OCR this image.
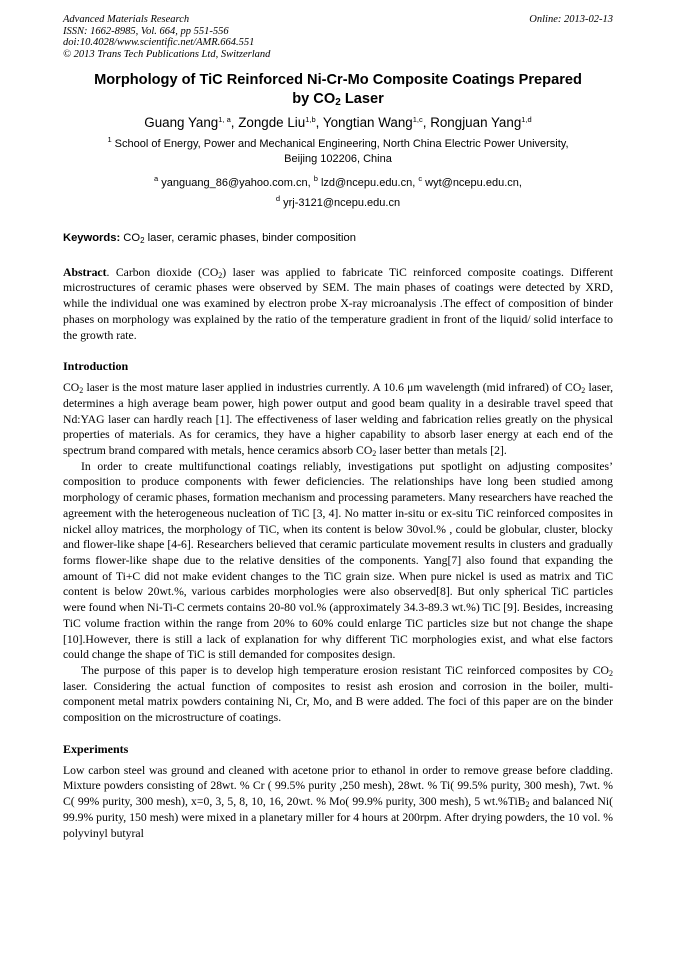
Advanced Materials Research	Online: 2013-02-13
ISSN: 1662-8985, Vol. 664, pp 551-556
doi:10.4028/www.scientific.net/AMR.664.551
© 2013 Trans Tech Publications Ltd, Switzerland
Morphology of TiC Reinforced Ni-Cr-Mo Composite Coatings Prepared
by $CO_2$ Laser
Guang Yang$^{1, a}$, Zongde Liu$^{1,b}$, Yongtian Wang$^{1,c}$, Rongjuan Yang$^{1,d}$
$^1$ School of Energy, Power and Mechanical Engineering, North China Electric Power University,
Beijing 102206, China
$^a$ yanguang_86@yahoo.com.cn, $^b$ lzd@ncepu.edu.cn, $^c$ wyt@ncepu.edu.cn,
$^d$ yrj-3121@ncepu.edu.cn
Keywords: $CO_2$ laser, ceramic phases, binder composition

Abstract. Carbon dioxide $(CO_2)$ laser was applied to fabricate TiC reinforced composite coatings. Different microstructures of ceramic phases were observed by SEM. The main phases of coatings were detected by XRD, while the individual one was examined by electron probe X-ray microanalysis .The effect of composition of binder phases on morphology was explained by the ratio of the temperature gradient in front of the liquid/ solid interface to the growth rate.

Introduction

$CO_2$ laser is the most mature laser applied in industries currently. A 10.6 μm wavelength (mid infrared) of $CO_2$ laser, determines a high average beam power, high power output and good beam quality in a desirable travel speed that Nd:YAG laser can hardly reach [1]. The effectiveness of laser welding and fabrication relies greatly on the physical properties of materials. As for ceramics, they have a higher capability to absorb laser energy at each end of the spectrum brand compared with metals, hence ceramics absorb $CO_2$ laser better than metals [2].

In order to create multifunctional coatings reliably, investigations put spotlight on adjusting composites’ composition to produce components with fewer deficiencies. The relationships have long been studied among morphology of ceramic phases, formation mechanism and processing parameters. Many researchers have reached the agreement with the heterogeneous nucleation of TiC [3, 4]. No matter in-situ or ex-situ TiC reinforced composites in nickel alloy matrices, the morphology of TiC, when its content is below 30vol.% , could be globular, cluster, blocky and flower-like shape [4-6]. Researchers believed that ceramic particulate movement results in clusters and gradually forms flower-like shape due to the relative densities of the components. Yang[7] also found that expanding the amount of Ti+C did not make evident changes to the TiC grain size. When pure nickel is used as matrix and TiC content is below 20wt.%, various carbides morphologies were also observed[8]. But only spherical TiC particles were found when Ni-Ti-C cermets contains 20-80 vol.% (approximately 34.3-89.3 wt.%) TiC [9]. Besides, increasing TiC volume fraction within the range from 20% to 60% could enlarge TiC particles size but not change the shape [10].However, there is still a lack of explanation for why different TiC morphologies exist, and what else factors could change the shape of TiC is still demanded for composites design.

The purpose of this paper is to develop high temperature erosion resistant TiC reinforced composites by $CO_2$ laser. Considering the actual function of composites to resist ash erosion and corrosion in the boiler, multi-component metal matrix powders containing Ni, Cr, Mo, and B were added. The foci of this paper are on the binder composition on the microstructure of coatings.

Experiments

Low carbon steel was ground and cleaned with acetone prior to ethanol in order to remove grease before cladding. Mixture powders consisting of 28wt. % Cr ( 99.5% purity ,250 mesh), 28wt. % Ti( 99.5% purity, 300 mesh), 7wt. % C( 99% purity, 300 mesh), x=0, 3, 5, 8, 10, 16, 20wt. % Mo( 99.9% purity, 300 mesh), 5 wt.%TiB$_2$ and balanced Ni( 99.9% purity, 150 mesh) were mixed in a planetary miller for 4 hours at 200rpm. After drying powders, the 10 vol. % polyvinyl butyral
